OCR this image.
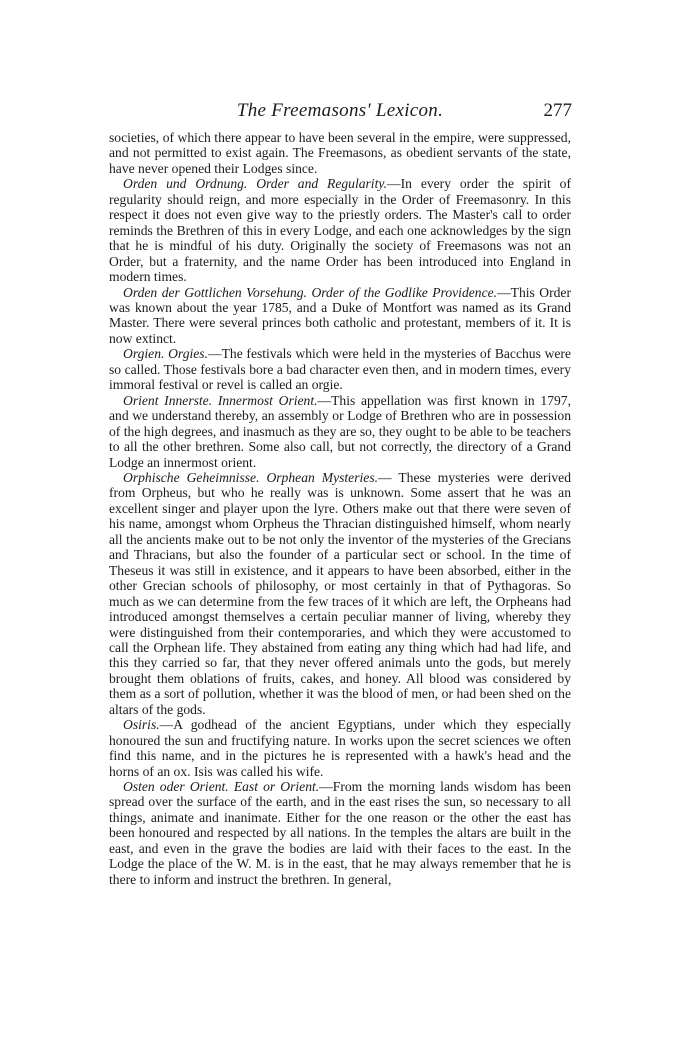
The Freemasons' Lexicon.	277

societies, of which there appear to have been several in the empire, were suppressed, and not permitted to exist again. The Freemasons, as obedient servants of the state, have never opened their Lodges since.

Orden und Ordnung. Order and Regularity.—In every order the spirit of regularity should reign, and more especially in the Order of Freemasonry. In this respect it does not even give way to the priestly orders. The Master's call to order reminds the Brethren of this in every Lodge, and each one acknowledges by the sign that he is mindful of his duty. Originally the society of Freemasons was not an Order, but a fraternity, and the name Order has been introduced into England in modern times.

Orden der Gottlichen Vorsehung. Order of the Godlike Providence.—This Order was known about the year 1785, and a Duke of Montfort was named as its Grand Master. There were several princes both catholic and protestant, members of it. It is now extinct.

Orgien. Orgies.—The festivals which were held in the mysteries of Bacchus were so called. Those festivals bore a bad character even then, and in modern times, every immoral festival or revel is called an orgie.

Orient Innerste. Innermost Orient.—This appellation was first known in 1797, and we understand thereby, an assembly or Lodge of Brethren who are in possession of the high degrees, and inasmuch as they are so, they ought to be able to be teachers to all the other brethren. Some also call, but not correctly, the directory of a Grand Lodge an innermost orient.

Orphische Geheimnisse. Orphean Mysteries.— These mysteries were derived from Orpheus, but who he really was is unknown. Some assert that he was an excellent singer and player upon the lyre. Others make out that there were seven of his name, amongst whom Orpheus the Thracian distinguished himself, whom nearly all the ancients make out to be not only the inventor of the mysteries of the Grecians and Thracians, but also the founder of a particular sect or school. In the time of Theseus it was still in existence, and it appears to have been absorbed, either in the other Grecian schools of philosophy, or most certainly in that of Pythagoras. So much as we can determine from the few traces of it which are left, the Orpheans had introduced amongst themselves a certain peculiar manner of living, whereby they were distinguished from their contemporaries, and which they were accustomed to call the Orphean life. They abstained from eating any thing which had had life, and this they carried so far, that they never offered animals unto the gods, but merely brought them oblations of fruits, cakes, and honey. All blood was considered by them as a sort of pollution, whether it was the blood of men, or had been shed on the altars of the gods.

Osiris.—A godhead of the ancient Egyptians, under which they especially honoured the sun and fructifying nature. In works upon the secret sciences we often find this name, and in the pictures he is represented with a hawk's head and the horns of an ox. Isis was called his wife.

Osten oder Orient. East or Orient.—From the morning lands wisdom has been spread over the surface of the earth, and in the east rises the sun, so necessary to all things, animate and inanimate. Either for the one reason or the other the east has been honoured and respected by all nations. In the temples the altars are built in the east, and even in the grave the bodies are laid with their faces to the east. In the Lodge the place of the W. M. is in the east, that he may always remember that he is there to inform and instruct the brethren. In general,
